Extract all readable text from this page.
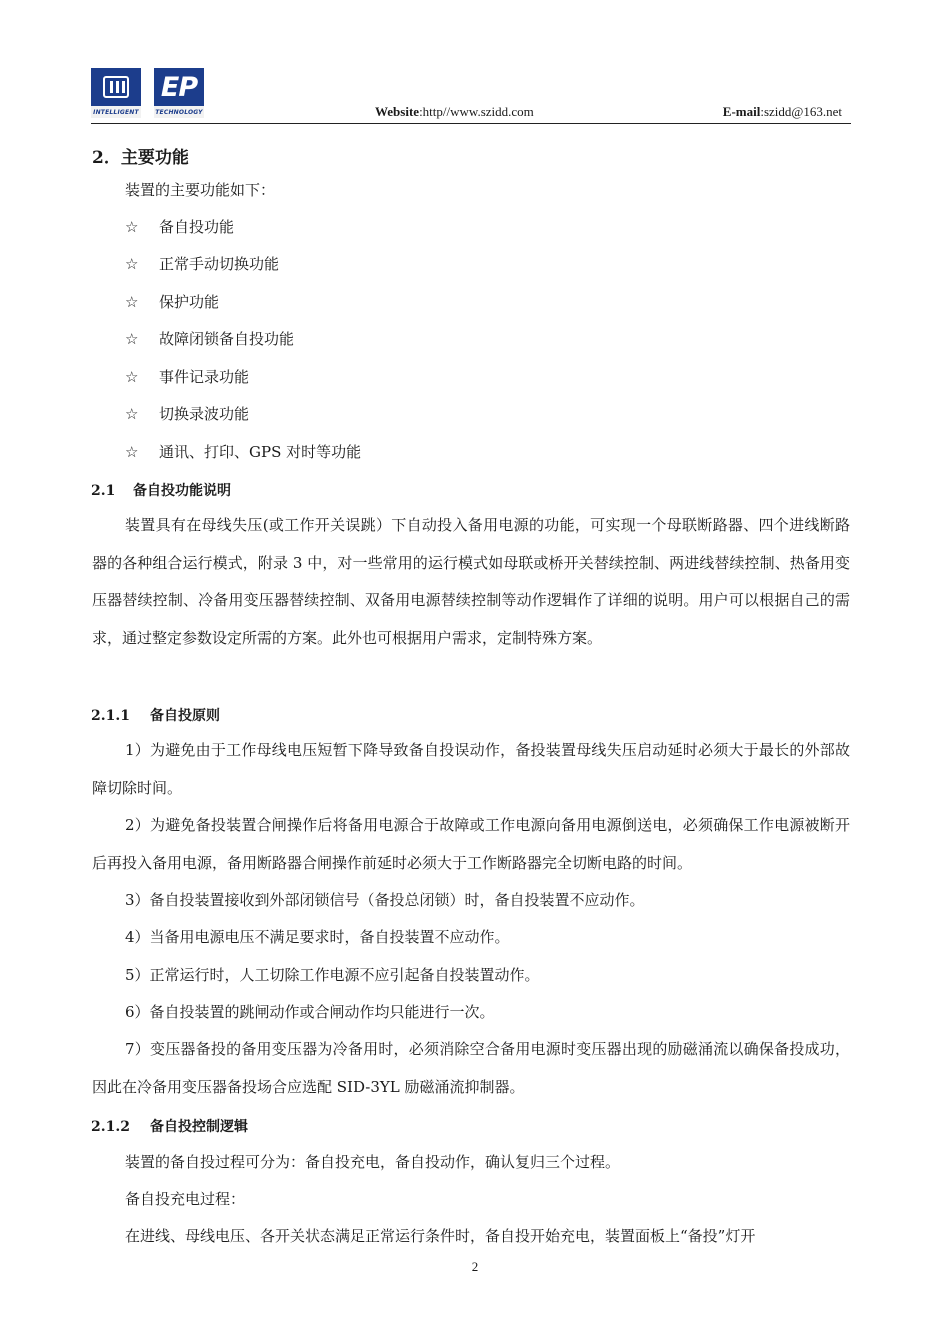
INTELLIGENT
EP
TECHNOLOGY	Website:http//www.szidd.com	E-mail:szidd@163.net
2．主要功能
装置的主要功能如下：
☆ 备自投功能
☆ 正常手动切换功能
☆ 保护功能
☆ 故障闭锁备自投功能
☆ 事件记录功能
☆ 切换录波功能
☆ 通讯、打印、GPS 对时等功能
2.1 备自投功能说明
装置具有在母线失压(或工作开关误跳）下自动投入备用电源的功能，可实现一个母联断路器、四个进线断路器的各种组合运行模式，附录 3 中，对一些常用的运行模式如母联或桥开关替续控制、两进线替续控制、热备用变压器替续控制、冷备用变压器替续控制、双备用电源替续控制等动作逻辑作了详细的说明。用户可以根据自己的需求，通过整定参数设定所需的方案。此外也可根据用户需求，定制特殊方案。
2.1.1 备自投原则
1）为避免由于工作母线电压短暂下降导致备自投误动作，备投装置母线失压启动延时必须大于最长的外部故障切除时间。
2）为避免备投装置合闸操作后将备用电源合于故障或工作电源向备用电源倒送电，必须确保工作电源被断开后再投入备用电源，备用断路器合闸操作前延时必须大于工作断路器完全切断电路的时间。
3）备自投装置接收到外部闭锁信号（备投总闭锁）时，备自投装置不应动作。
4）当备用电源电压不满足要求时，备自投装置不应动作。
5）正常运行时，人工切除工作电源不应引起备自投装置动作。
6）备自投装置的跳闸动作或合闸动作均只能进行一次。
7）变压器备投的备用变压器为冷备用时，必须消除空合备用电源时变压器出现的励磁涌流以确保备投成功，因此在冷备用变压器备投场合应选配 SID-3YL 励磁涌流抑制器。
2.1.2 备自投控制逻辑
装置的备自投过程可分为：备自投充电，备自投动作，确认复归三个过程。
备自投充电过程：
在进线、母线电压、各开关状态满足正常运行条件时，备自投开始充电，装置面板上“备投”灯开
2
